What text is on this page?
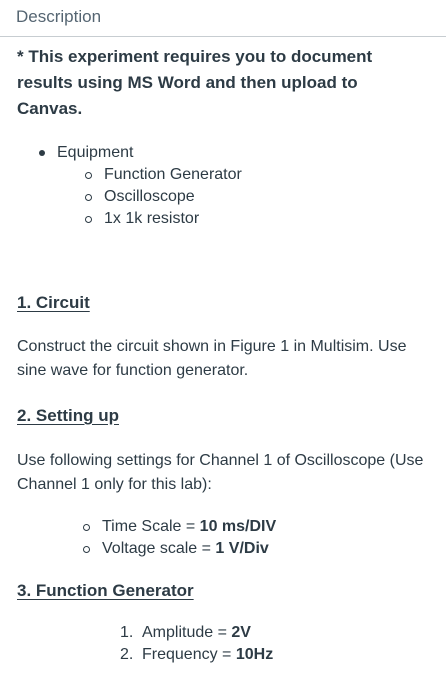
Description

* This experiment requires you to document results using MS Word and then upload to Canvas.

Equipment
Function Generator
Oscilloscope
1x 1k resistor
1. Circuit
Construct the circuit shown in Figure 1 in Multisim. Use sine wave for function generator.
2. Setting up
Use following settings for Channel 1 of Oscilloscope (Use Channel 1 only for this lab):
Time Scale =
10 ms/DIV
Voltage scale =
1 V/Div
3. Function Generator
1. Amplitude =
2V
2. Frequency =
10Hz
